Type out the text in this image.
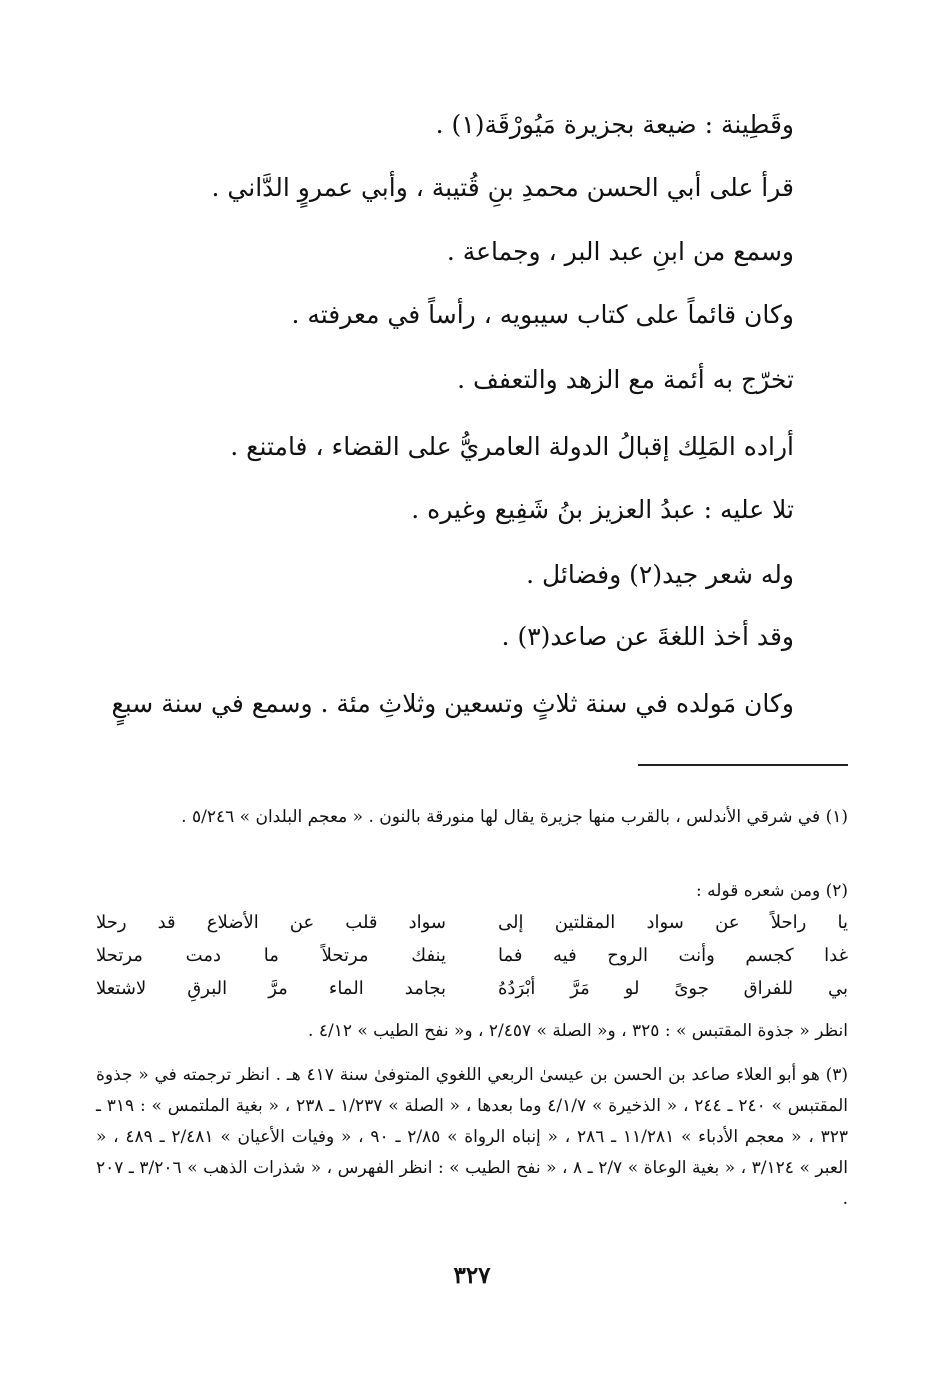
وقَطِينة : ضيعة بجزيرة مَيُورْقَة(١) .
قرأ على أبي الحسن محمدِ بنِ قُتيبة ، وأبي عمروٍ الدَّاني .
وسمع من ابنِ عبد البر ، وجماعة .
وكان قائماً على كتاب سيبويه ، رأساً في معرفته .
تخرّج به أئمة مع الزهد والتعفف .
أراده المَلِك إقبالُ الدولة العامريُّ على القضاء ، فامتنع .
تلا عليه : عبدُ العزيز بنُ شَفِيع وغيره .
وله شعر جيد(٢) وفضائل .
وقد أخذ اللغةَ عن صاعد(٣) .
وكان مَولده في سنة ثلاثٍ وتسعين وثلاثِ مئة . وسمع في سنة سبعٍ

(١) في شرقي الأندلس ، بالقرب منها جزيرة يقال لها منورقة بالنون . « معجم البلدان » ٥/٢٤٦ .

(٢) ومن شعره قوله :

يا راحلاً عن سواد المقلتين إلى
سواد قلب عن الأضلاع قد رحلا
غدا كجسم وأنت الروح فيه فما
ينفك مرتحلاً ما دمت مرتحلا
بي للفراق جوىً لو مَرَّ أبْرَدُهُ
بجامد الماء مرَّ البرقِ لاشتعلا

انظر « جذوة المقتبس » : ٣٢٥ ، و« الصلة » ٢/٤٥٧ ، و« نفح الطيب » ٤/١٢ .

(٣) هو أبو العلاء صاعد بن الحسن بن عيسىٰ الربعي اللغوي المتوفىٰ سنة ٤١٧ هـ . انظر ترجمته في « جذوة المقتبس » ٢٤٠ ـ ٢٤٤ ، « الذخيرة » ٤/١/٧ وما بعدها ، « الصلة » ١/٢٣٧ ـ ٢٣٨ ، « بغية الملتمس » : ٣١٩ ـ ٣٢٣ ، « معجم الأدباء » ١١/٢٨١ ـ ٢٨٦ ، « إنباه الرواة » ٢/٨٥ ـ ٩٠ ، « وفيات الأعيان » ٢/٤٨١ ـ ٤٨٩ ، « العبر » ٣/١٢٤ ، « بغية الوعاة » ٢/٧ ـ ٨ ، « نفح الطيب » : انظر الفهرس ، « شذرات الذهب » ٣/٢٠٦ ـ ٢٠٧ .

٣٢٧
